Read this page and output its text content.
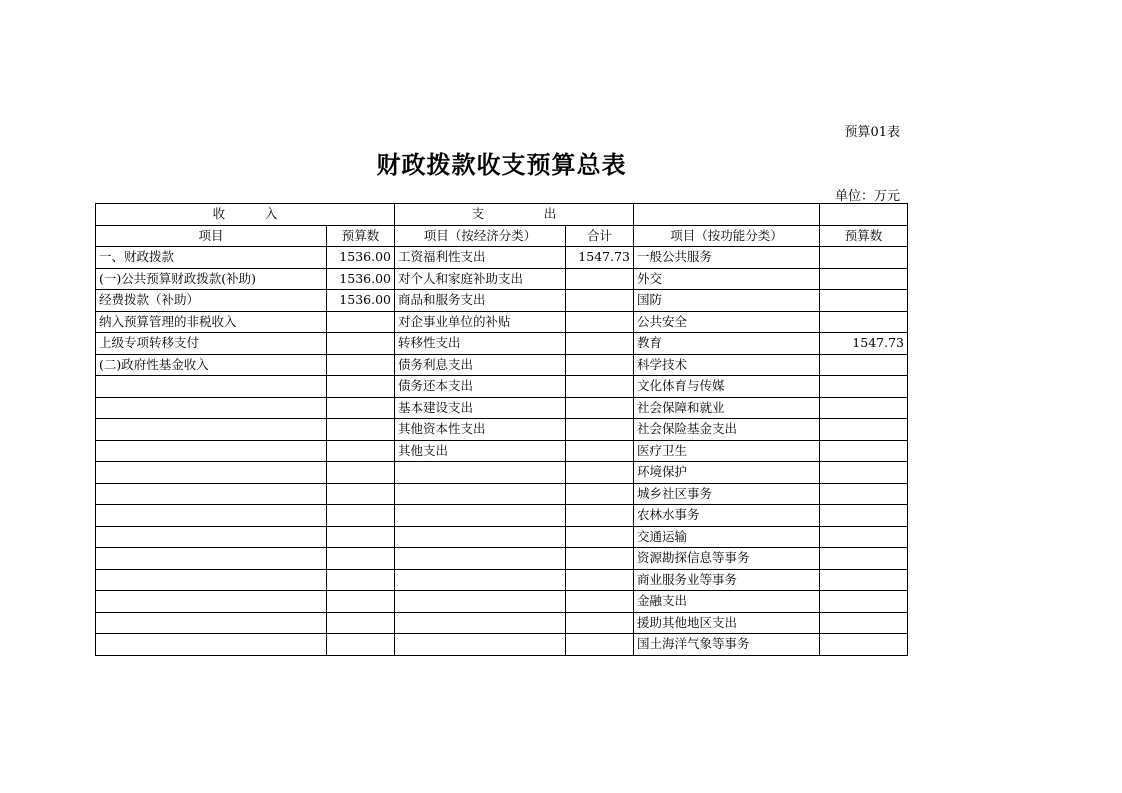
预算01表
财政拨款收支预算总表
单位：万元
收          入		支               出			
项目	预算数	项目（按经济分类）	合计	项目（按功能分类）	预算数
一、财政拨款	1536.00	工资福利性支出	1547.73	一般公共服务	
(一)公共预算财政拨款(补助)	1536.00	对个人和家庭补助支出		外交	
经费拨款（补助）	1536.00	商品和服务支出		国防	
纳入预算管理的非税收入		对企事业单位的补贴		公共安全	
上级专项转移支付		转移性支出		教育	1547.73
(二)政府性基金收入		债务利息支出		科学技术	
		债务还本支出		文化体育与传媒	
		基本建设支出		社会保障和就业	
		其他资本性支出		社会保险基金支出	
		其他支出		医疗卫生	
				环境保护	
				城乡社区事务	
				农林水事务	
				交通运输	
				资源勘探信息等事务	
				商业服务业等事务	
				金融支出	
				援助其他地区支出	
				国土海洋气象等事务	
